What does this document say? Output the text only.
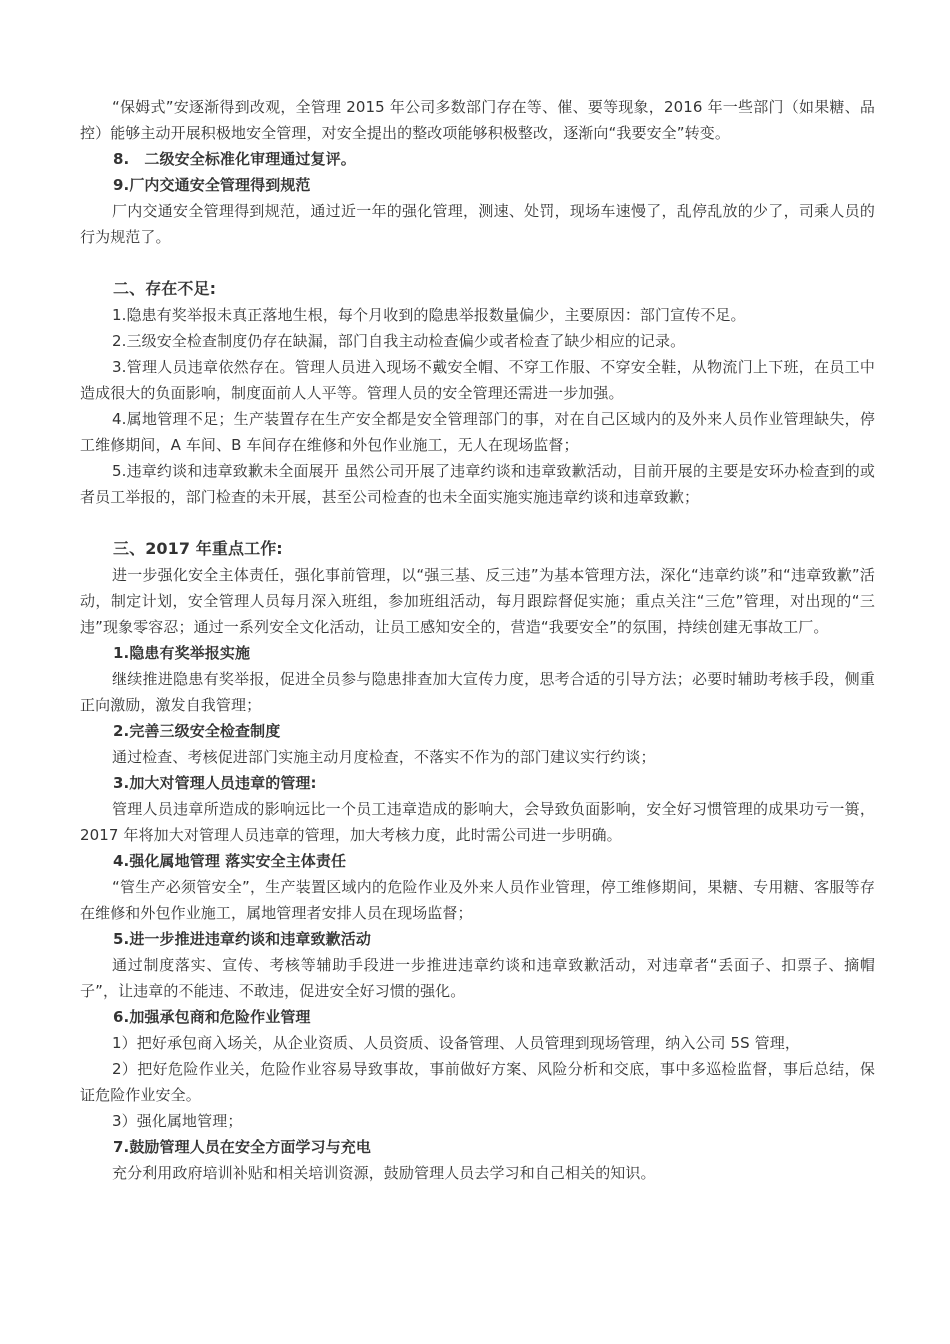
“保姆式”安逐渐得到改观，全管理 2015 年公司多数部门存在等、催、要等现象，2016 年一些部门（如果糖、品控）能够主动开展积极地安全管理，对安全提出的整改项能够积极整改，逐渐向“我要安全”转变。

8.　二级安全标准化审理通过复评。

9.厂内交通安全管理得到规范

厂内交通安全管理得到规范，通过近一年的强化管理，测速、处罚，现场车速慢了，乱停乱放的少了，司乘人员的行为规范了。

二、存在不足:

1.隐患有奖举报未真正落地生根，每个月收到的隐患举报数量偏少，主要原因：部门宣传不足。

2.三级安全检查制度仍存在缺漏，部门自我主动检查偏少或者检查了缺少相应的记录。

3.管理人员违章依然存在。管理人员进入现场不戴安全帽、不穿工作服、不穿安全鞋，从物流门上下班，在员工中造成很大的负面影响，制度面前人人平等。管理人员的安全管理还需进一步加强。

4.属地管理不足；生产装置存在生产安全都是安全管理部门的事，对在自己区域内的及外来人员作业管理缺失，停工维修期间，A 车间、B 车间存在维修和外包作业施工，无人在现场监督；

5.违章约谈和违章致歉未全面展开 虽然公司开展了违章约谈和违章致歉活动，目前开展的主要是安环办检查到的或者员工举报的，部门检查的未开展，甚至公司检查的也未全面实施实施违章约谈和违章致歉；

三、2017 年重点工作:

进一步强化安全主体责任，强化事前管理，以“强三基、反三违”为基本管理方法，深化“违章约谈”和“违章致歉”活动，制定计划，安全管理人员每月深入班组，参加班组活动，每月跟踪督促实施；重点关注“三危”管理，对出现的“三违”现象零容忍；通过一系列安全文化活动，让员工感知安全的，营造“我要安全”的氛围，持续创建无事故工厂。

1.隐患有奖举报实施

继续推进隐患有奖举报，促进全员参与隐患排查加大宣传力度，思考合适的引导方法；必要时辅助考核手段，侧重正向激励，激发自我管理；

2.完善三级安全检查制度

通过检查、考核促进部门实施主动月度检查，不落实不作为的部门建议实行约谈；

3.加大对管理人员违章的管理:

管理人员违章所造成的影响远比一个员工违章造成的影响大，会导致负面影响，安全好习惯管理的成果功亏一篑，2017 年将加大对管理人员违章的管理，加大考核力度，此时需公司进一步明确。

4.强化属地管理 落实安全主体责任

“管生产必须管安全”，生产装置区域内的危险作业及外来人员作业管理，停工维修期间，果糖、专用糖、客服等存在维修和外包作业施工，属地管理者安排人员在现场监督；

5.进一步推进违章约谈和违章致歉活动

通过制度落实、宣传、考核等辅助手段进一步推进违章约谈和违章致歉活动，对违章者“丢面子、扣票子、摘帽子”，让违章的不能违、不敢违，促进安全好习惯的强化。

6.加强承包商和危险作业管理

1）把好承包商入场关，从企业资质、人员资质、设备管理、人员管理到现场管理，纳入公司 5S 管理，

2）把好危险作业关，危险作业容易导致事故，事前做好方案、风险分析和交底，事中多巡检监督，事后总结，保证危险作业安全。

3）强化属地管理；

7.鼓励管理人员在安全方面学习与充电

充分利用政府培训补贴和相关培训资源，鼓励管理人员去学习和自己相关的知识。
